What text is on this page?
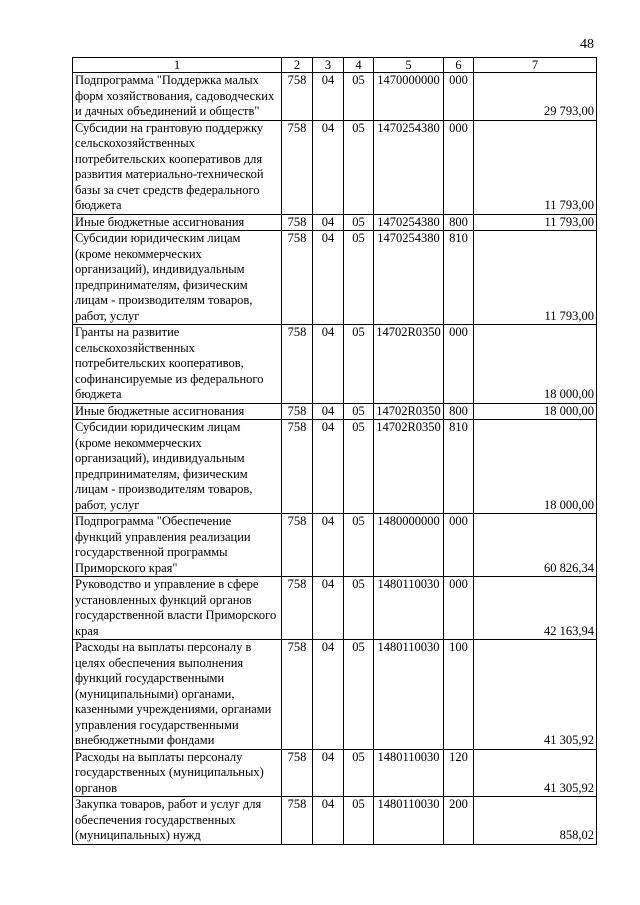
48
1	2	3	4	5	6	7
Подпрограмма "Поддержка малых форм хозяйствования, садоводческих и дачных объединений и обществ"	758	04	05	1470000000	000	29 793,00
Субсидии на грантовую поддержку сельскохозяйственных потребительских кооперативов для развития материально-технической базы за счет средств федерального бюджета	758	04	05	1470254380	000	11 793,00
Иные бюджетные ассигнования	758	04	05	1470254380	800	11 793,00
Субсидии юридическим лицам (кроме некоммерческих организаций), индивидуальным предпринимателям, физическим лицам - производителям товаров, работ, услуг	758	04	05	1470254380	810	11 793,00
Гранты на развитие сельскохозяйственных потребительских кооперативов, софинансируемые из федерального бюджета	758	04	05	14702R0350	000	18 000,00
Иные бюджетные ассигнования	758	04	05	14702R0350	800	18 000,00
Субсидии юридическим лицам (кроме некоммерческих организаций), индивидуальным предпринимателям, физическим лицам - производителям товаров, работ, услуг	758	04	05	14702R0350	810	18 000,00
Подпрограмма "Обеспечение функций управления реализации государственной программы Приморского края"	758	04	05	1480000000	000	60 826,34
Руководство и управление в сфере установленных функций органов государственной власти Приморского края	758	04	05	1480110030	000	42 163,94
Расходы на выплаты персоналу в целях обеспечения выполнения функций государственными (муниципальными) органами, казенными учреждениями, органами управления государственными внебюджетными фондами	758	04	05	1480110030	100	41 305,92
Расходы на выплаты персоналу государственных (муниципальных) органов	758	04	05	1480110030	120	41 305,92
Закупка товаров, работ и услуг для обеспечения государственных (муниципальных) нужд	758	04	05	1480110030	200	858,02
